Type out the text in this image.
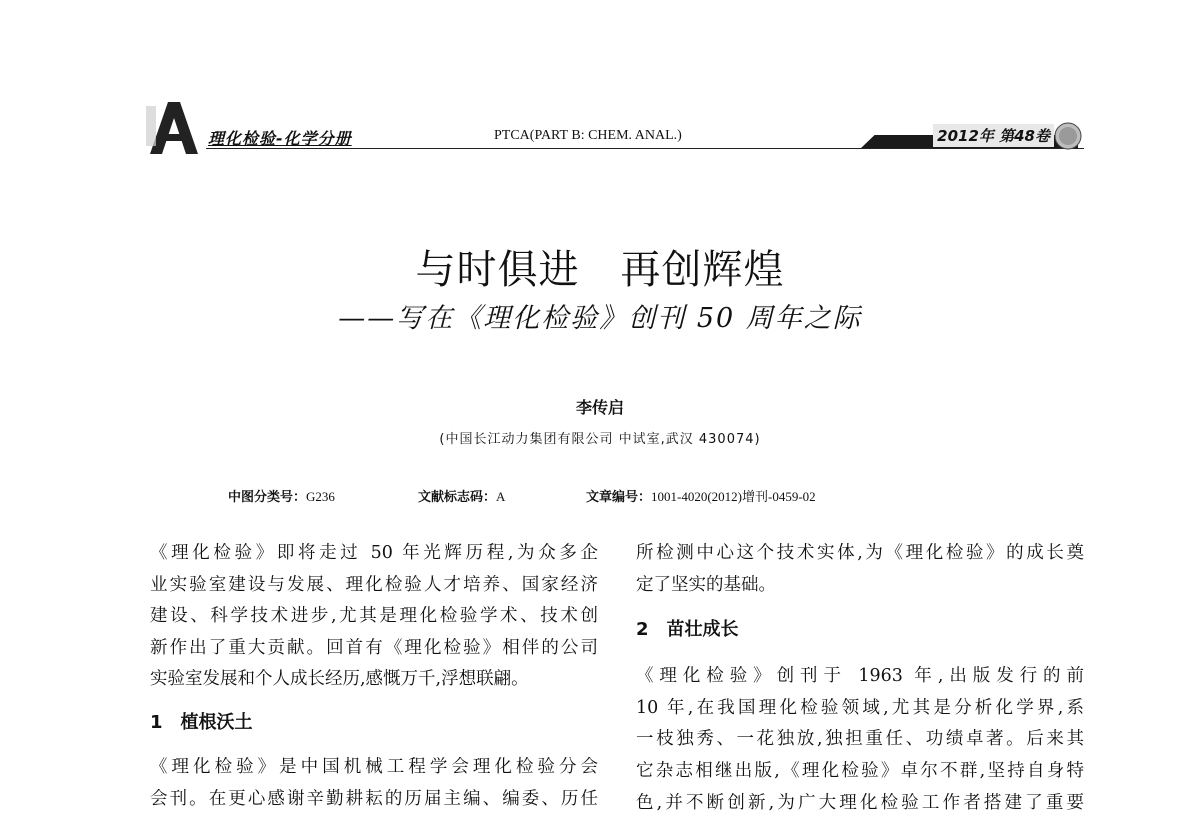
理化检验-化学分册	PTCA(PART B: CHEM. ANAL.)	2012年 第48卷
与时俱进　再创辉煌
——写在《理化检验》创刊 50 周年之际
李传启
(中国长江动力集团有限公司 中试室,武汉 430074)
中图分类号：G236	文献标志码：A	文章编号：1001-4020(2012)增刊-0459-02

《理化检验》即将走过 50 年光辉历程,为众多企

业实验室建设与发展、理化检验人才培养、国家经济

建设、科学技术进步,尤其是理化检验学术、技术创

新作出了重大贡献。回首有《理化检验》相伴的公司

实验室发展和个人成长经历,感慨万千,浮想联翩。

1　植根沃土

《理化检验》是中国机械工程学会理化检验分会

会刊。在更心感谢辛勤耕耘的历届主编、编委、历任

所检测中心这个技术实体,为《理化检验》的成长奠

定了坚实的基础。

2　苗壮成长

《理化检验》创刊于 1963 年,出版发行的前

10 年,在我国理化检验领域,尤其是分析化学界,系

一枝独秀、一花独放,独担重任、功绩卓著。后来其

它杂志相继出版,《理化检验》卓尔不群,坚持自身特

色,并不断创新,为广大理化检验工作者搭建了重要
